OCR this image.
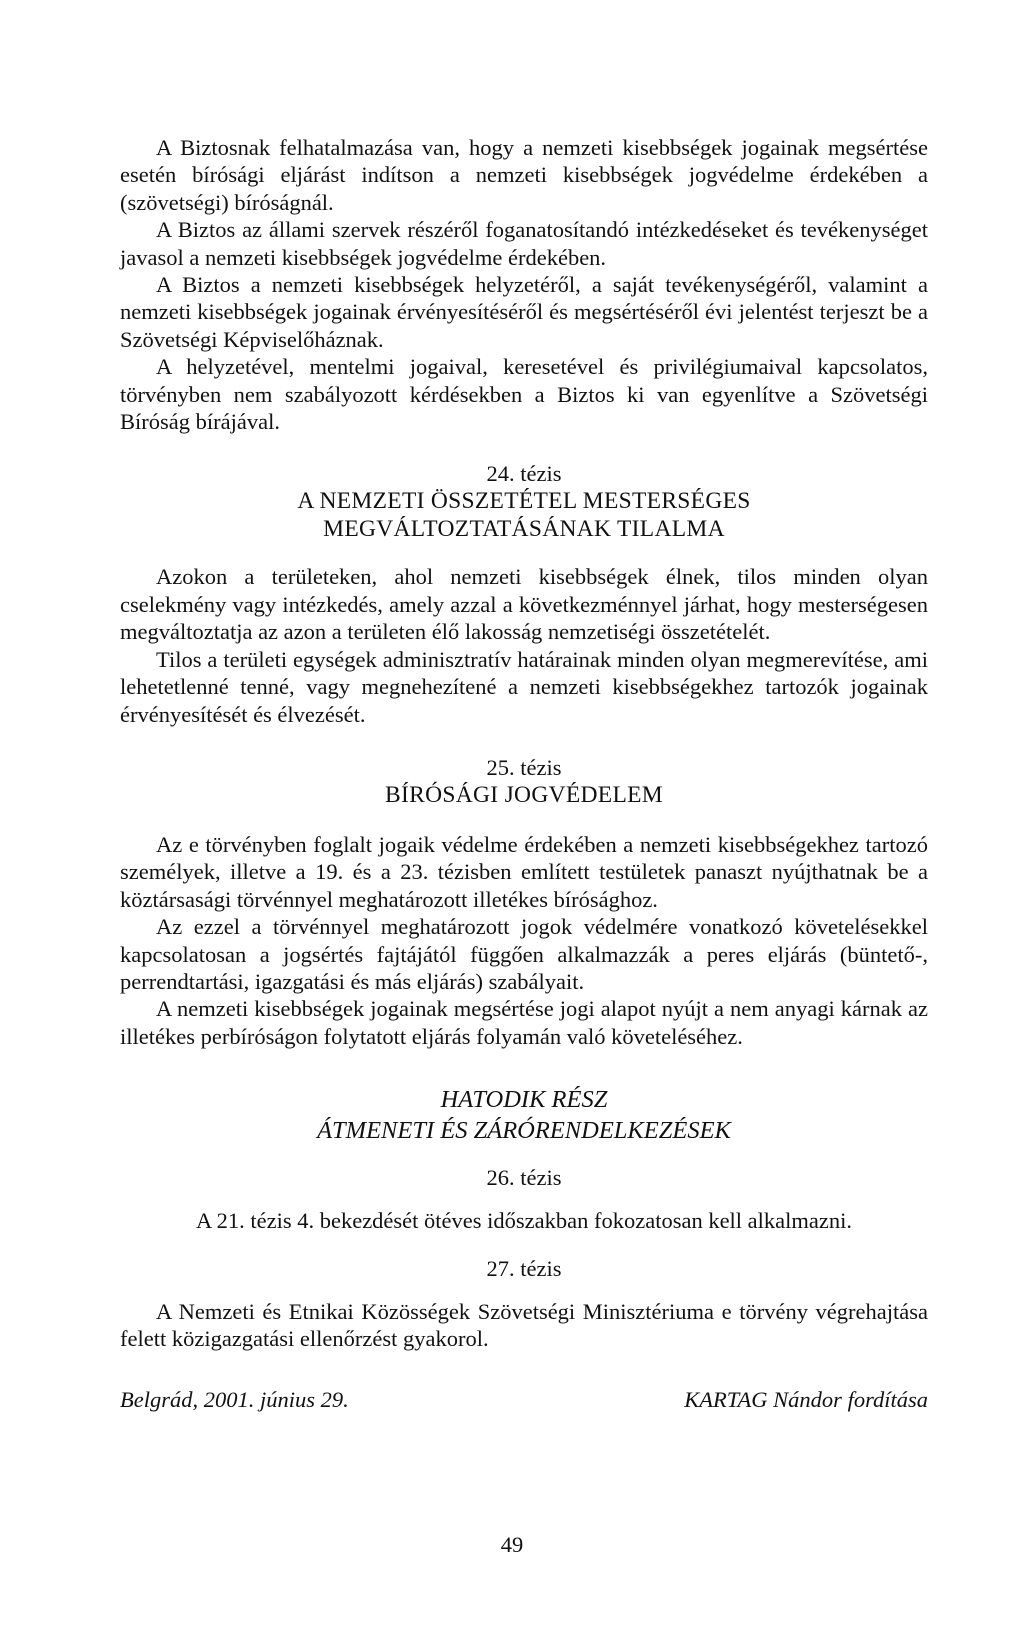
A Biztosnak felhatalmazása van, hogy a nemzeti kisebbségek jogainak megsértése esetén bírósági eljárást indítson a nemzeti kisebbségek jogvédelme érdekében a (szövetségi) bíróságnál.

A Biztos az állami szervek részéről foganatosítandó intézkedéseket és tevékenységet javasol a nemzeti kisebbségek jogvédelme érdekében.

A Biztos a nemzeti kisebbségek helyzetéről, a saját tevékenységéről, valamint a nemzeti kisebbségek jogainak érvényesítéséről és megsértéséről évi jelentést terjeszt be a Szövetségi Képviselőháznak.

A helyzetével, mentelmi jogaival, keresetével és privilégiumaival kapcsolatos, törvényben nem szabályozott kérdésekben a Biztos ki van egyenlítve a Szövetségi Bíróság bírájával.

24. tézis
A NEMZETI ÖSSZETÉTEL MESTERSÉGES
MEGVÁLTOZTATÁSÁNAK TILALMA

Azokon a területeken, ahol nemzeti kisebbségek élnek, tilos minden olyan cselekmény vagy intézkedés, amely azzal a következménnyel járhat, hogy mesterségesen megváltoztatja az azon a területen élő lakosság nemzetiségi összetételét.

Tilos a területi egységek adminisztratív határainak minden olyan megmerevítése, ami lehetetlenné tenné, vagy megnehezítené a nemzeti kisebbségekhez tartozók jogainak érvényesítését és élvezését.

25. tézis
BÍRÓSÁGI JOGVÉDELEM

Az e törvényben foglalt jogaik védelme érdekében a nemzeti kisebbségekhez tartozó személyek, illetve a 19. és a 23. tézisben említett testületek panaszt nyújthatnak be a köztársasági törvénnyel meghatározott illetékes bírósághoz.

Az ezzel a törvénnyel meghatározott jogok védelmére vonatkozó követelésekkel kapcsolatosan a jogsértés fajtájától függően alkalmazzák a peres eljárás (büntető-, perrendtartási, igazgatási és más eljárás) szabályait.

A nemzeti kisebbségek jogainak megsértése jogi alapot nyújt a nem anyagi kárnak az illetékes perbíróságon folytatott eljárás folyamán való követeléséhez.

HATODIK RÉSZ
ÁTMENETI ÉS ZÁRÓRENDELKEZÉSEK
26. tézis

A 21. tézis 4. bekezdését ötéves időszakban fokozatosan kell alkalmazni.

27. tézis

A Nemzeti és Etnikai Közösségek Szövetségi Minisztériuma e törvény végrehajtása felett közigazgatási ellenőrzést gyakorol.

Belgrád, 2001. június 29.	KARTAG Nándor fordítása
49
